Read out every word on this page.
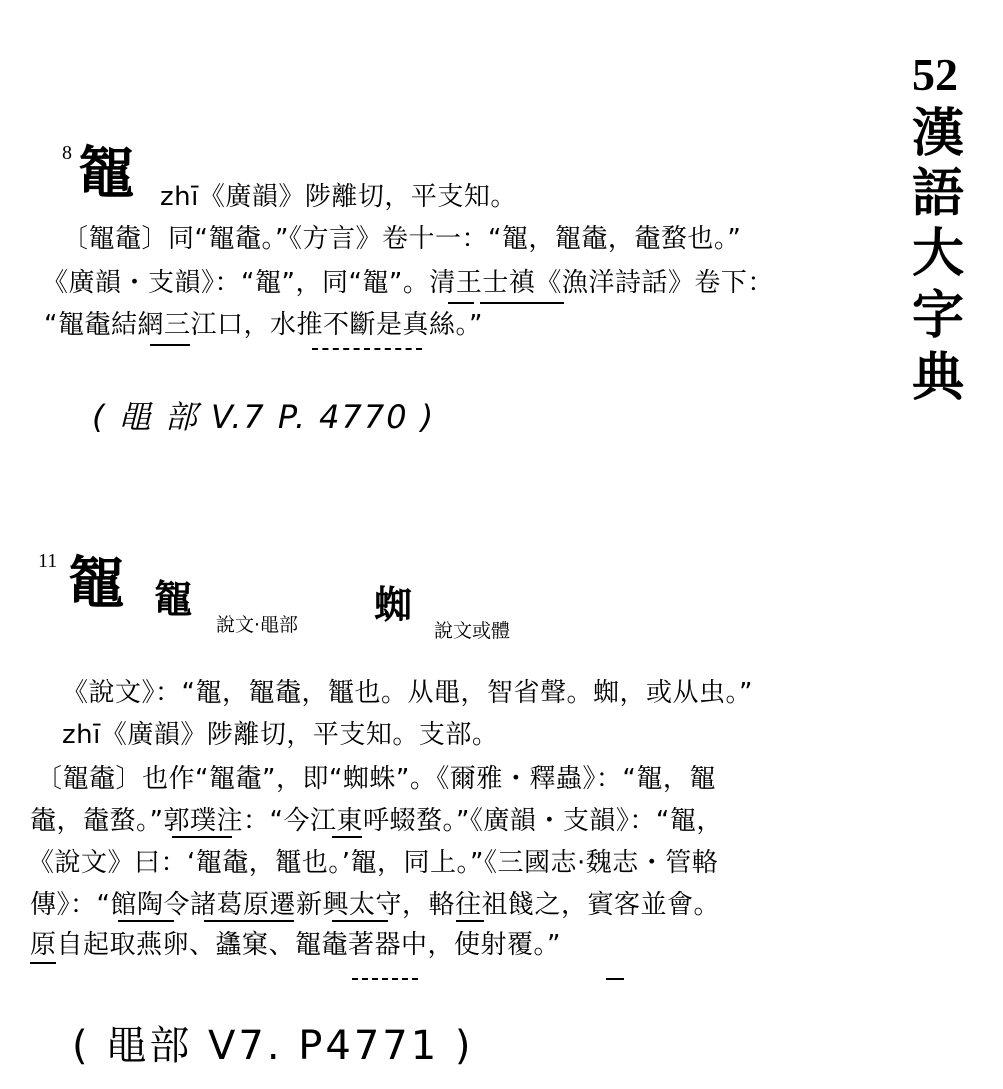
52
漢
語
大
字
典
8 鼅 zhī《廣韻》陟離切，平支知。
〔鼅鼄〕同“鼅鼄。”《方言》卷十一：“鼅，鼅鼄，鼄蝥也。”
《廣韻・支韻》：“鼅”，同“鼅”。清王士禛《漁洋詩話》卷下：
“鼅鼄結網三江口，水推不斷是真絲。”
( 黽 部 V.7 P. 4770 )
11 鼅 鼅
說文·黽部 蜘
說文或體
《說文》：“鼅，鼅鼄，䵹也。从黽，智省聲。蜘，或从虫。”
zhī《廣韻》陟離切，平支知。支部。
〔鼅鼄〕也作“鼅鼄”，即“蜘蛛”。《爾雅・釋蟲》：“鼅，鼅
鼄，鼄蝥。”郭璞注：“今江東呼蝃蝥。”《廣韻・支韻》：“鼅，
《說文》曰：‘鼅鼄，䵹也。’鼅，同上。”《三國志·魏志・管輅
傳》：“館陶令諸葛原遷新興太守，輅往祖餞之，賓客並會。
原自起取燕卵、蠭窠、鼅鼄著器中，使射覆。”
( 黽部 V7. P4771 )
